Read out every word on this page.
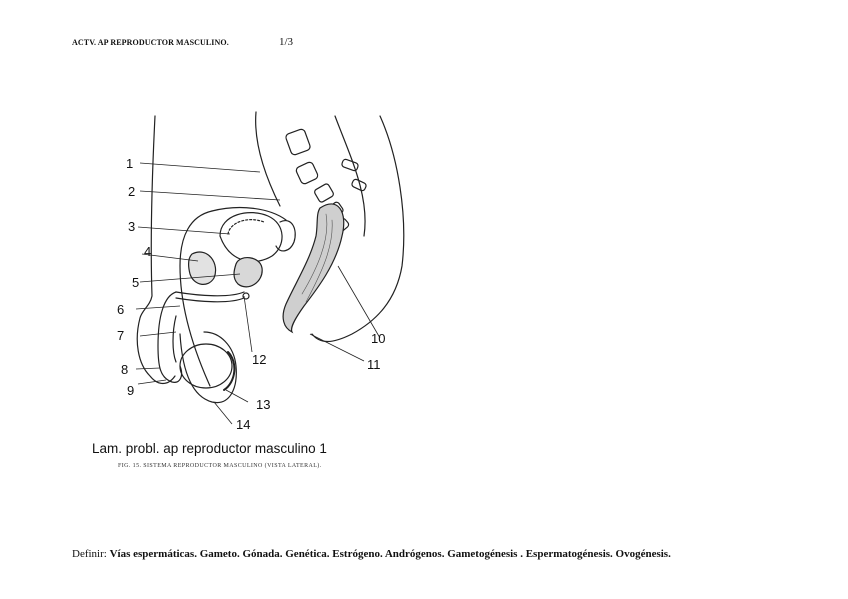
ACTV. AP REPRODUCTOR MASCULINO.	1/3
1
2
3
4
5
6
7
8
9
10
11
12
13
14
Lam. probl. ap reproductor masculino 1
FIG. 15. SISTEMA REPRODUCTOR MASCULINO (VISTA LATERAL).
Definir: Vías espermáticas. Gameto. Gónada. Genética. Estrógeno. Andrógenos. Gametogénesis . Espermatogénesis. Ovogénesis.
